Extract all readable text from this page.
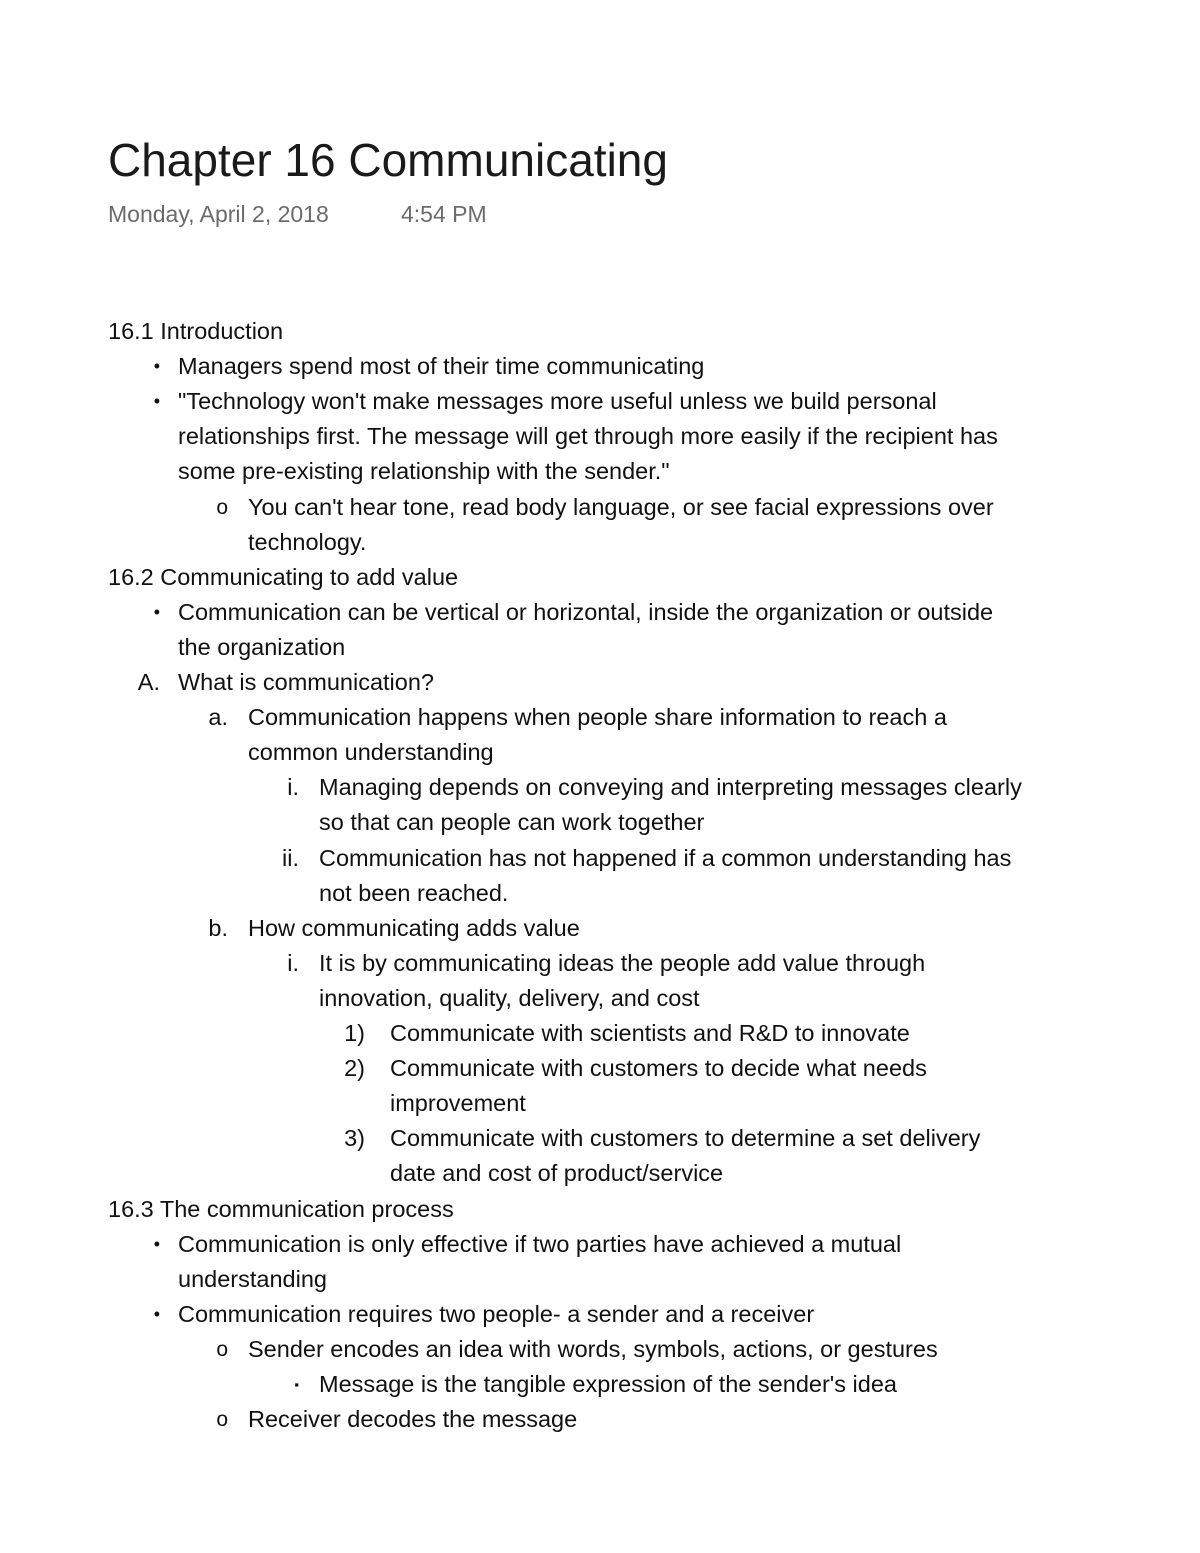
Chapter 16 Communicating
Monday, April 2, 2018	4:54 PM
16.1 Introduction
• Managers spend most of their time communicating
• "Technology won't make messages more useful unless we build personal
relationships first. The message will get through more easily if the recipient has
some pre-existing relationship with the sender."
o You can't hear tone, read body language, or see facial expressions over
technology.
16.2 Communicating to add value
• Communication can be vertical or horizontal, inside the organization or outside
the organization
A. What is communication?
a. Communication happens when people share information to reach a
common understanding
i. Managing depends on conveying and interpreting messages clearly
so that can people can work together
ii. Communication has not happened if a common understanding has
not been reached.
b. How communicating adds value
i. It is by communicating ideas the people add value through
innovation, quality, delivery, and cost
1) Communicate with scientists and R&D to innovate
2) Communicate with customers to decide what needs
improvement
3) Communicate with customers to determine a set delivery
date and cost of product/service
16.3 The communication process
• Communication is only effective if two parties have achieved a mutual
understanding
• Communication requires two people- a sender and a receiver
o Sender encodes an idea with words, symbols, actions, or gestures
▪ Message is the tangible expression of the sender's idea
o Receiver decodes the message
